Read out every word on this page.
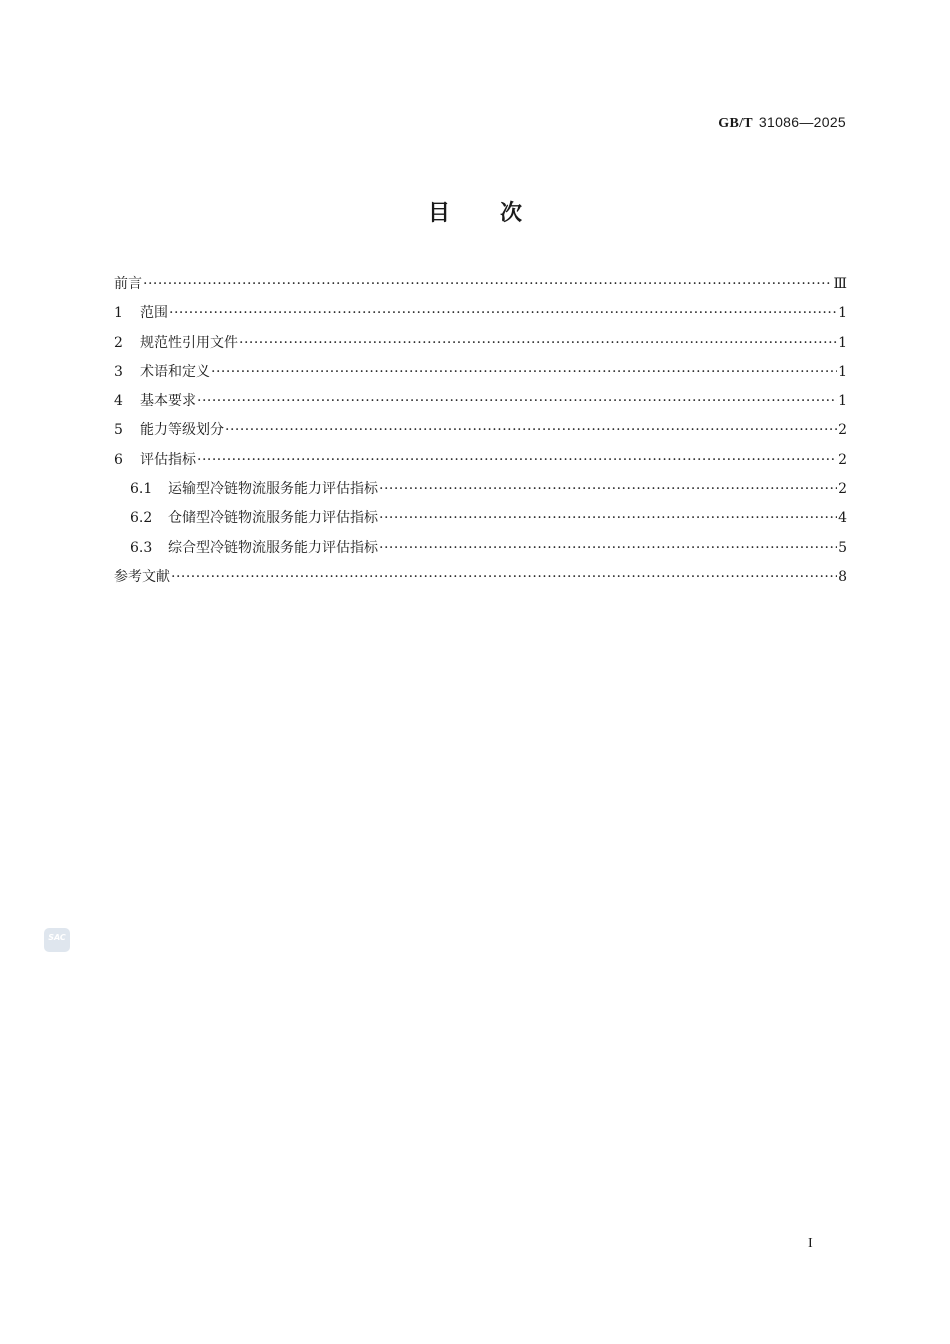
GB/T 31086—2025
目次
前言 ·····	Ⅲ
1 范围 ·····	1
2 规范性引用文件 ·····	1
3 术语和定义 ·····	1
4 基本要求 ·····	1
5 能力等级划分 ·····	2
6 评估指标 ·····	2
6.1 运输型冷链物流服务能力评估指标 ·····	2
6.2 仓储型冷链物流服务能力评估指标 ·····	4
6.3 综合型冷链物流服务能力评估指标 ·····	5
参考文献 ·····	8
SAC
I
